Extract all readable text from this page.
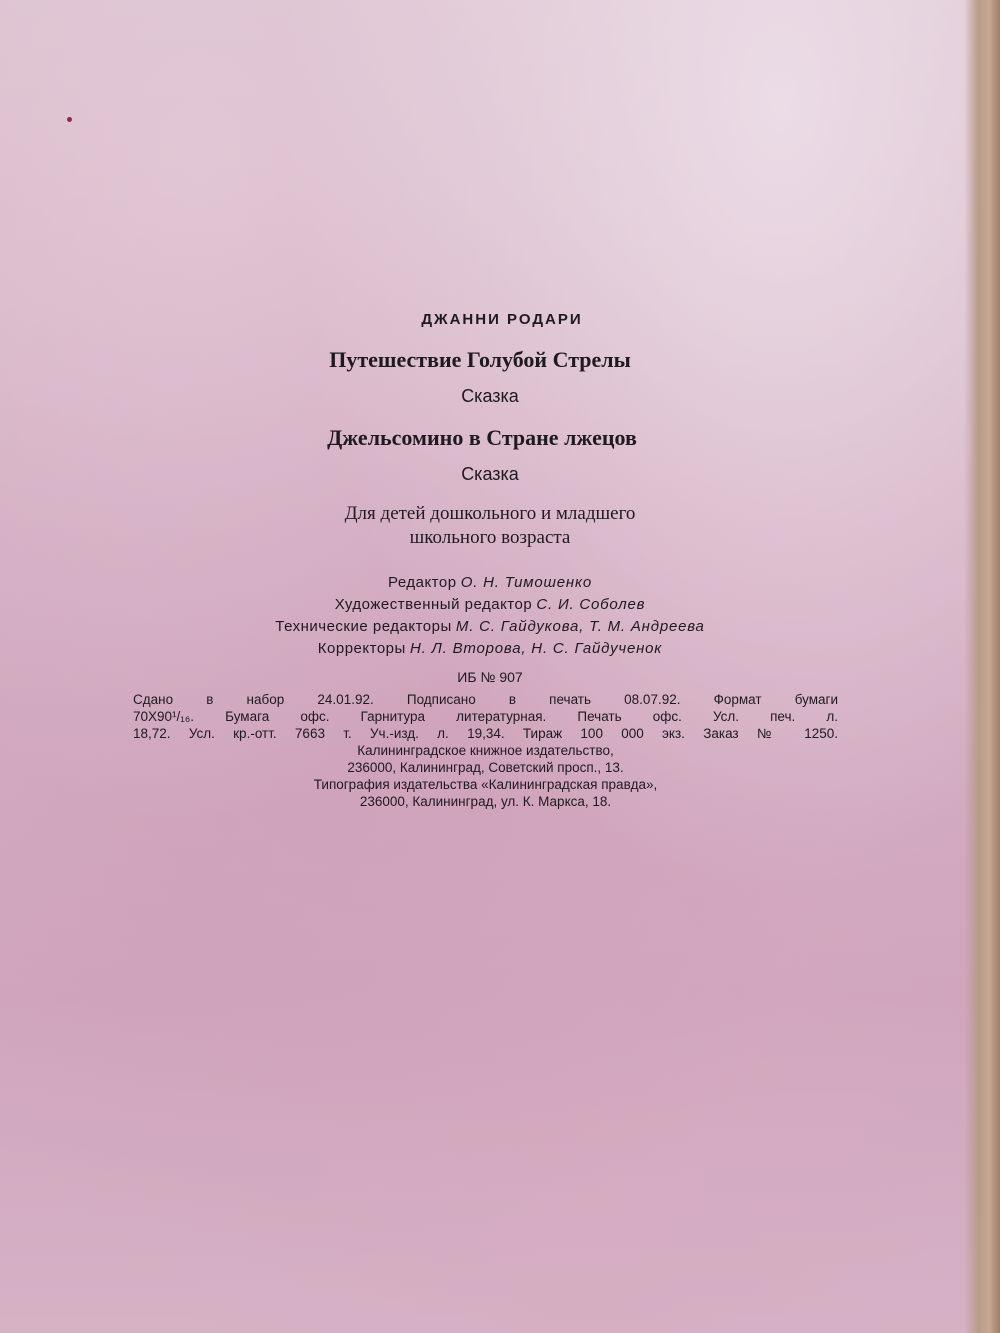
ДЖАННИ РОДАРИ
Путешествие Голубой Стрелы
Сказка
Джельсомино в Стране лжецов
Сказка
Для детей дошкольного и младшего
школьного возраста
Редактор О. Н. Тимошенко
Художественный редактор С. И. Соболев
Технические редакторы М. С. Гайдукова, Т. М. Андреева
Корректоры Н. Л. Второва, Н. С. Гайдученок
ИБ № 907
Сдано в набор 24.01.92. Подписано в печать 08.07.92. Формат бумаги
70Х90¹/₁₆. Бумага офс. Гарнитура литературная. Печать офс. Усл. печ. л.
18,72. Усл. кр.-отт. 7663 т. Уч.-изд. л. 19,34. Тираж 100 000 экз. Заказ № 1250.
Калининградское книжное издательство,
236000, Калининград, Советский просп., 13.
Типография издательства «Калининградская правда»,
236000, Калининград, ул. К. Маркса, 18.
